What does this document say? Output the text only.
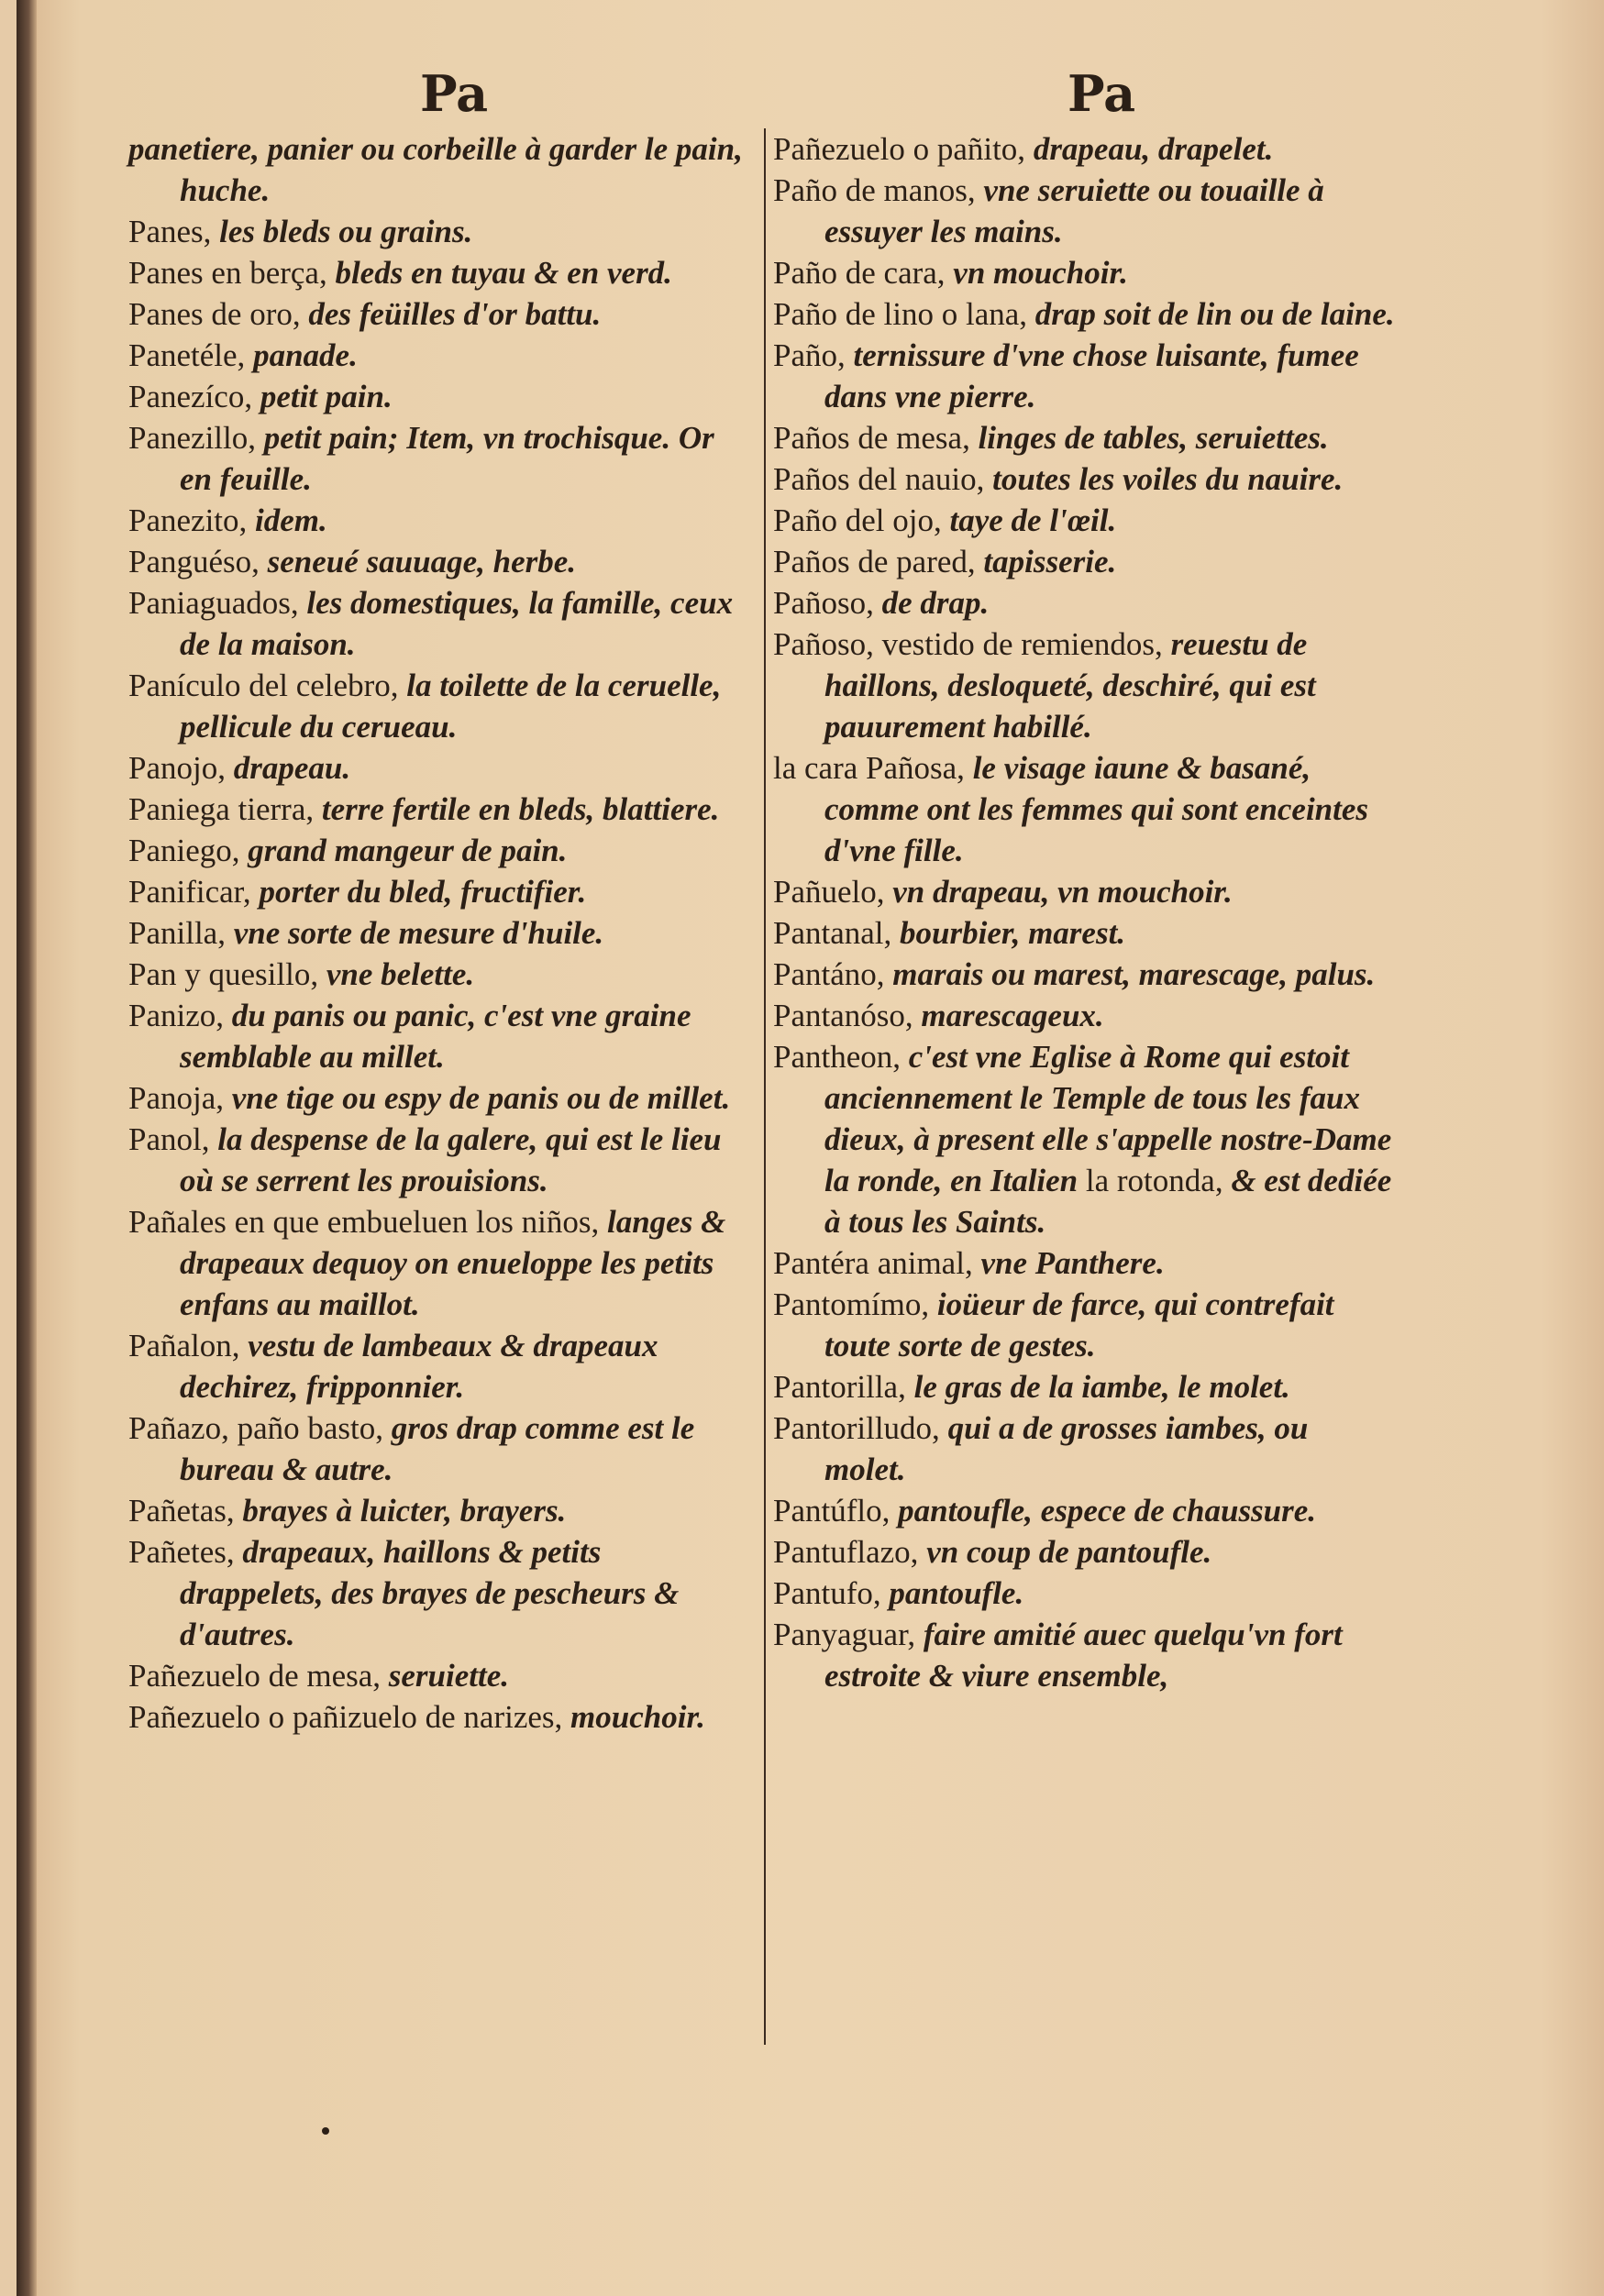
Pa	Pa

panetiere, panier ou corbeille à garder le pain, huche.

Panes, les bleds ou grains.

Panes en berça, bleds en tuyau & en verd.

Panes de oro, des feüilles d'or battu.

Panetéle, panade.

Panezíco, petit pain.

Panezillo, petit pain; Item, vn trochisque. Or en feuille.

Panezito, idem.

Panguéso, seneué sauuage, herbe.

Paniaguados, les domestiques, la famille, ceux de la maison.

Panículo del celebro, la toilette de la ceruelle, pellicule du cerueau.

Panojo, drapeau.

Paniega tierra, terre fertile en bleds, blattiere.

Paniego, grand mangeur de pain.

Panificar, porter du bled, fructifier.

Panilla, vne sorte de mesure d'huile.

Pan y quesillo, vne belette.

Panizo, du panis ou panic, c'est vne graine semblable au millet.

Panoja, vne tige ou espy de panis ou de millet.

Panol, la despense de la galere, qui est le lieu où se serrent les prouisions.

Pañales en que embueluen los niños, langes & drapeaux dequoy on enueloppe les petits enfans au maillot.

Pañalon, vestu de lambeaux & drapeaux dechirez, fripponnier.

Pañazo, paño basto, gros drap comme est le bureau & autre.

Pañetas, brayes à luicter, brayers.

Pañetes, drapeaux, haillons & petits drappelets, des brayes de pescheurs & d'autres.

Pañezuelo de mesa, seruiette.

Pañezuelo o pañizuelo de narizes, mouchoir.

Pañezuelo o pañito, drapeau, drapelet.

Paño de manos, vne seruiette ou touaille à essuyer les mains.

Paño de cara, vn mouchoir.

Paño de lino o lana, drap soit de lin ou de laine.

Paño, ternissure d'vne chose luisante, fumee dans vne pierre.

Paños de mesa, linges de tables, seruiettes.

Paños del nauio, toutes les voiles du nauire.

Paño del ojo, taye de l'œil.

Paños de pared, tapisserie.

Pañoso, de drap.

Pañoso, vestido de remiendos, reuestu de haillons, desloqueté, deschiré, qui est pauurement habillé.

la cara Pañosa, le visage iaune & basané, comme ont les femmes qui sont enceintes d'vne fille.

Pañuelo, vn drapeau, vn mouchoir.

Pantanal, bourbier, marest.

Pantáno, marais ou marest, marescage, palus.

Pantanóso, marescageux.

Pantheon, c'est vne Eglise à Rome qui estoit anciennement le Temple de tous les faux dieux, à present elle s'appelle nostre-Dame la ronde, en Italien la rotonda, & est dediée à tous les Saints.

Pantéra animal, vne Panthere.

Pantomímo, ioüeur de farce, qui contrefait toute sorte de gestes.

Pantorilla, le gras de la iambe, le molet.

Pantorilludo, qui a de grosses iambes, ou molet.

Pantúflo, pantoufle, espece de chaussure.

Pantuflazo, vn coup de pantoufle.

Pantufo, pantoufle.

Panyaguar, faire amitié auec quelqu'vn fort estroite & viure ensemble,
